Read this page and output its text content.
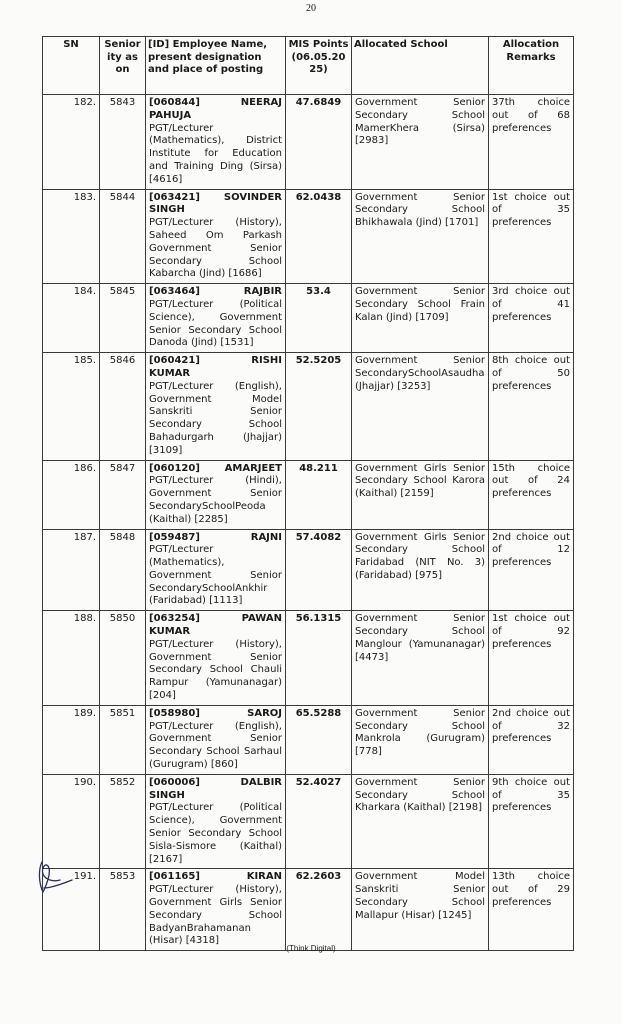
20
SN	Senior ity as on	[ID] Employee Name, present designation and place of posting	MIS Points (06.05.20 25)	Allocated School	Allocation Remarks
182.	5843	[060844] NEERAJ
PAHUJA
PGT/Lecturer (Mathematics), District Institute for Education and Training Ding (Sirsa) [4616]	47.6849	Government Senior Secondary School MamerKhera (Sirsa) [2983]	37th choice out of 68 preferences
183.	5844	[063421] SOVINDER
SINGH
PGT/Lecturer (History), Saheed Om Parkash Government Senior Secondary School Kabarcha (Jind) [1686]	62.0438	Government Senior Secondary School Bhikhawala (Jind) [1701]	1st choice out of 35 preferences
184.	5845	[063464] RAJBIR
PGT/Lecturer (Political Science), Government Senior Secondary School Danoda (Jind) [1531]	53.4	Government Senior Secondary School Frain Kalan (Jind) [1709]	3rd choice out of 41 preferences
185.	5846	[060421] RISHI
KUMAR
PGT/Lecturer (English), Government Model Sanskriti Senior Secondary School Bahadurgarh (Jhajjar) [3109]	52.5205	Government Senior SecondarySchoolAsaudha (Jhajjar) [3253]	8th choice out of 50 preferences
186.	5847	[060120] AMARJEET
PGT/Lecturer (Hindi), Government Senior SecondarySchoolPeoda (Kaithal) [2285]	48.211	Government Girls Senior Secondary School Karora (Kaithal) [2159]	15th choice out of 24 preferences
187.	5848	[059487] RAJNI
PGT/Lecturer (Mathematics), Government Senior SecondarySchoolAnkhir (Faridabad) [1113]	57.4082	Government Girls Senior Secondary School Faridabad (NIT No. 3) (Faridabad) [975]	2nd choice out of 12 preferences
188.	5850	[063254] PAWAN
KUMAR
PGT/Lecturer (History), Government Senior Secondary School Chauli Rampur (Yamunanagar) [204]	56.1315	Government Senior Secondary School Manglour (Yamunanagar) [4473]	1st choice out of 92 preferences
189.	5851	[058980] SAROJ
PGT/Lecturer (English), Government Senior Secondary School Sarhaul (Gurugram) [860]	65.5288	Government Senior Secondary School Mankrola (Gurugram) [778]	2nd choice out of 32 preferences
190.	5852	[060006] DALBIR
SINGH
PGT/Lecturer (Political Science), Government Senior Secondary School Sisla-Sismore (Kaithal) [2167]	52.4027	Government Senior Secondary School Kharkara (Kaithal) [2198]	9th choice out of 35 preferences
191.	5853	[061165] KIRAN
PGT/Lecturer (History), Government Girls Senior Secondary School BadyanBrahamanan (Hisar) [4318]	62.2603	Government Model Sanskriti Senior Secondary School Mallapur (Hisar) [1245]	13th choice out of 29 preferences
(Think Digital)
